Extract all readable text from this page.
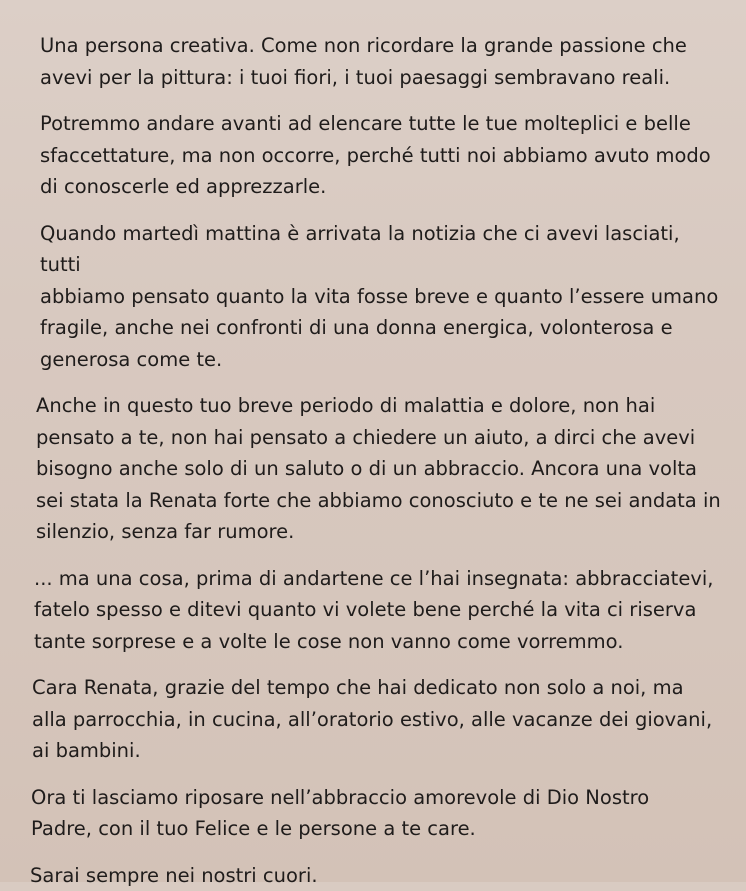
Una persona creativa. Come non ricordare la grande passione che
avevi per la pittura: i tuoi fiori, i tuoi paesaggi sembravano reali.

Potremmo andare avanti ad elencare tutte le tue molteplici e belle
sfaccettature, ma non occorre, perché tutti noi abbiamo avuto modo
di conoscerle ed apprezzarle.

Quando martedì mattina è arrivata la notizia che ci avevi lasciati, tutti
abbiamo pensato quanto la vita fosse breve e quanto l’essere umano
fragile, anche nei confronti di una donna energica, volonterosa e
generosa come te.

Anche in questo tuo breve periodo di malattia e dolore, non hai
pensato a te, non hai pensato a chiedere un aiuto, a dirci che avevi
bisogno anche solo di un saluto o di un abbraccio. Ancora una volta
sei stata la Renata forte che abbiamo conosciuto e te ne sei andata in
silenzio, senza far rumore.

... ma una cosa, prima di andartene ce l’hai insegnata: abbracciatevi,
fatelo spesso e ditevi quanto vi volete bene perché la vita ci riserva
tante sorprese e a volte le cose non vanno come vorremmo.

Cara Renata, grazie del tempo che hai dedicato non solo a noi, ma
alla parrocchia, in cucina, all’oratorio estivo, alle vacanze dei giovani,
ai bambini.

Ora ti lasciamo riposare nell’abbraccio amorevole di Dio Nostro
Padre, con il tuo Felice e le persone a te care.

Sarai sempre nei nostri cuori.
